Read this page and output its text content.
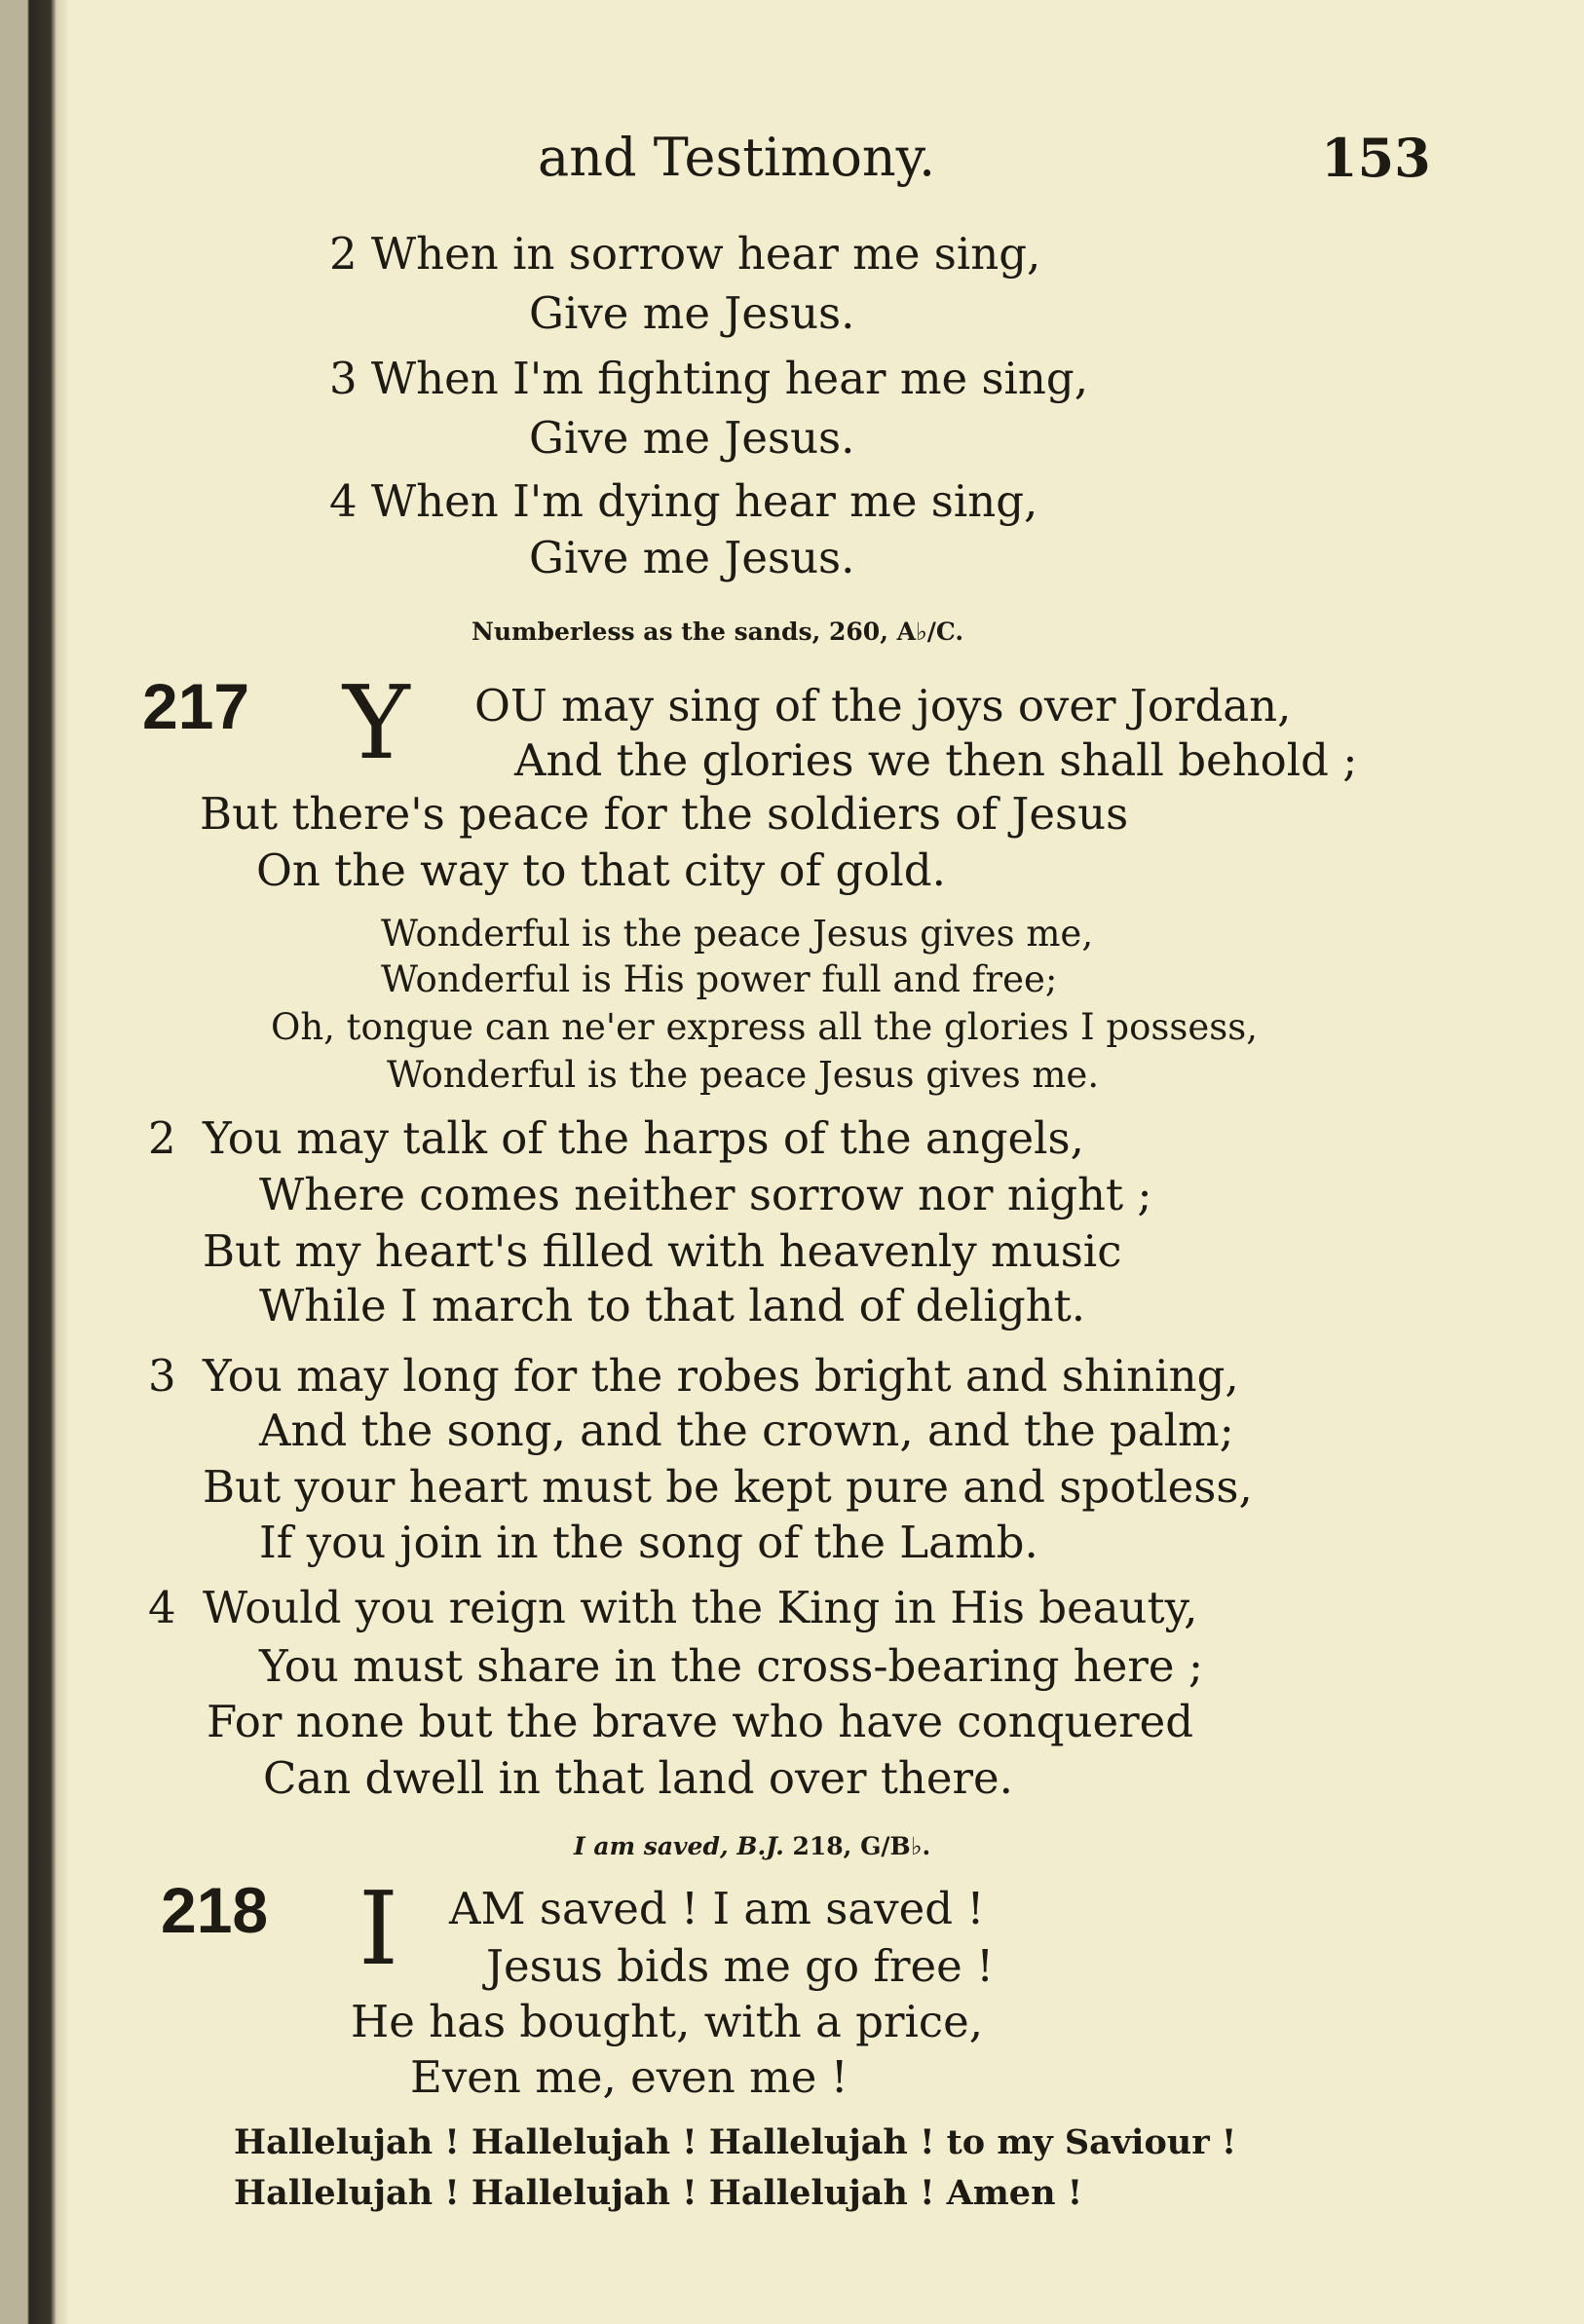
and Testimony.	153
2 When in sorrow hear me sing,
Give me Jesus.
3 When I'm fighting hear me sing,
Give me Jesus.
4 When I'm dying hear me sing,
Give me Jesus.
Numberless as the sands, 260, A♭/C.
217 Y OU may sing of the joys over Jordan,
And the glories we then shall behold ;
But there's peace for the soldiers of Jesus
On the way to that city of gold.
Wonderful is the peace Jesus gives me,
Wonderful is His power full and free;
Oh, tongue can ne'er express all the glories I possess,
Wonderful is the peace Jesus gives me.
2 You may talk of the harps of the angels,
Where comes neither sorrow nor night ;
But my heart's filled with heavenly music
While I march to that land of delight.
3 You may long for the robes bright and shining,
And the song, and the crown, and the palm;
But your heart must be kept pure and spotless,
If you join in the song of the Lamb.
4 Would you reign with the King in His beauty,
You must share in the cross-bearing here ;
For none but the brave who have conquered
Can dwell in that land over there.
I am saved, B.J. 218, G/B♭.
218 I AM saved ! I am saved !
Jesus bids me go free !
He has bought, with a price,
Even me, even me !
Hallelujah ! Hallelujah ! Hallelujah ! to my Saviour !
Hallelujah ! Hallelujah ! Hallelujah ! Amen !
